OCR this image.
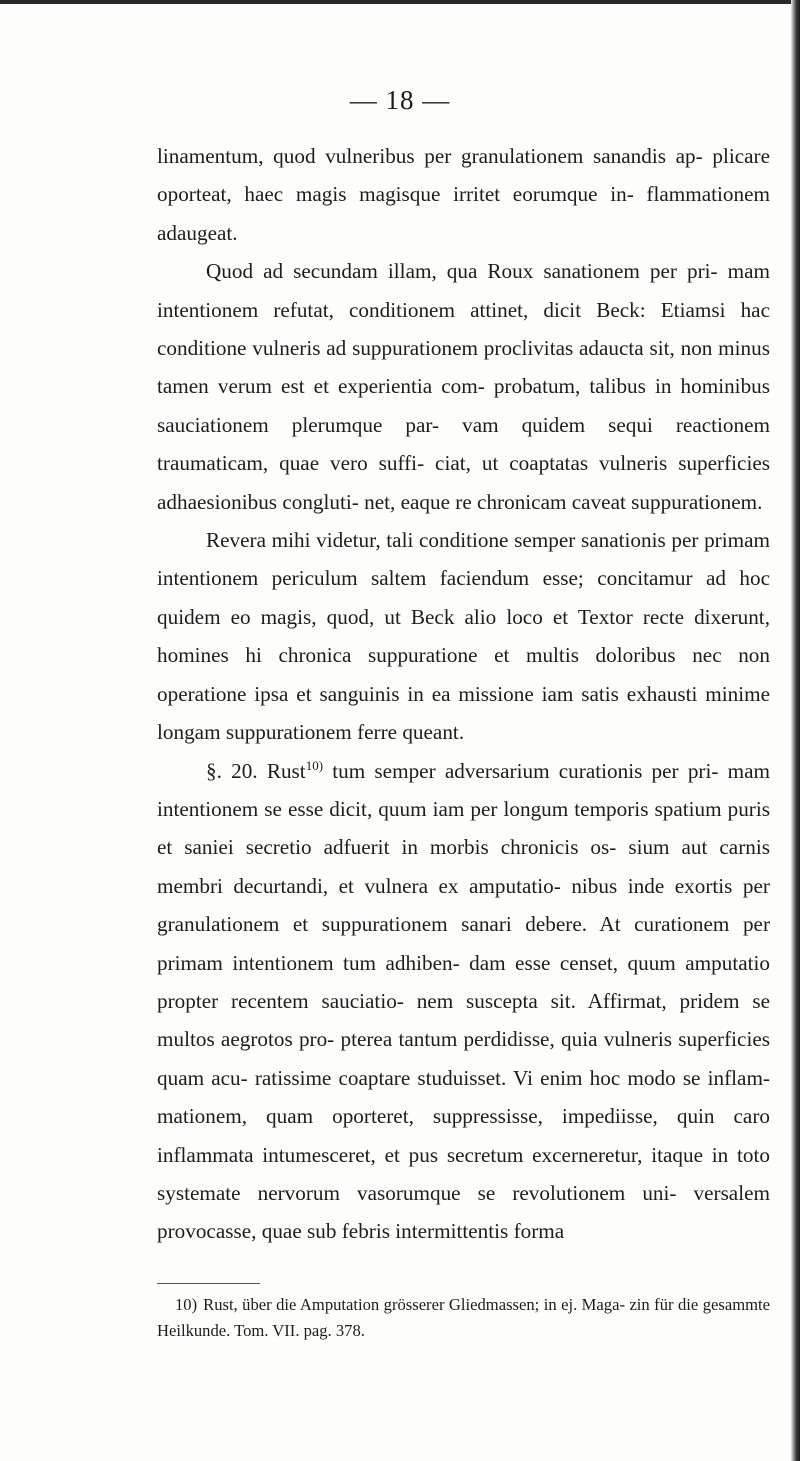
— 18 —

linamentum, quod vulneribus per granulationem sanandis ap- plicare oporteat, haec magis magisque irritet eorumque in- flammationem adaugeat.

Quod ad secundam illam, qua Roux sanationem per pri- mam intentionem refutat, conditionem attinet, dicit Beck: Etiamsi hac conditione vulneris ad suppurationem proclivitas adaucta sit, non minus tamen verum est et experientia com- probatum, talibus in hominibus sauciationem plerumque par- vam quidem sequi reactionem traumaticam, quae vero suffi- ciat, ut coaptatas vulneris superficies adhaesionibus congluti- net, eaque re chronicam caveat suppurationem.

Revera mihi videtur, tali conditione semper sanationis per primam intentionem periculum saltem faciendum esse; concitamur ad hoc quidem eo magis, quod, ut Beck alio loco et Textor recte dixerunt, homines hi chronica suppuratione et multis doloribus nec non operatione ipsa et sanguinis in ea missione iam satis exhausti minime longam suppurationem ferre queant.

§. 20. Rust$^{10)}$ tum semper adversarium curationis per pri- mam intentionem se esse dicit, quum iam per longum temporis spatium puris et saniei secretio adfuerit in morbis chronicis os- sium aut carnis membri decurtandi, et vulnera ex amputatio- nibus inde exortis per granulationem et suppurationem sanari debere. At curationem per primam intentionem tum adhiben- dam esse censet, quum amputatio propter recentem sauciatio- nem suscepta sit. Affirmat, pridem se multos aegrotos pro- pterea tantum perdidisse, quia vulneris superficies quam acu- ratissime coaptare studuisset. Vi enim hoc modo se inflam- mationem, quam oporteret, suppressisse, impediisse, quin caro inflammata intumesceret, et pus secretum excerneretur, itaque in toto systemate nervorum vasorumque se revolutionem uni- versalem provocasse, quae sub febris intermittentis forma

10) Rust, über die Amputation grösserer Gliedmassen; in ej. Maga- zin für die gesammte Heilkunde. Tom. VII. pag. 378.
